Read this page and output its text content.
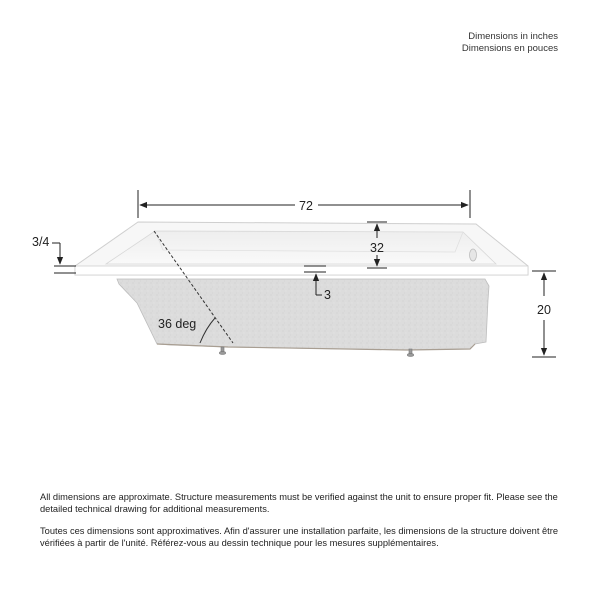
Dimensions in inches
Dimensions en pouces
36 deg
72
32
3/4
3
20

All dimensions are approximate. Structure measurements must be verified against the unit to ensure proper fit. Please see the detailed technical drawing for additional measurements.

Toutes ces dimensions sont approximatives. Afin d'assurer une installation parfaite, les dimensions de la structure doivent être vérifiées à partir de l'unité. Référez-vous au dessin technique pour les mesures supplémentaires.
